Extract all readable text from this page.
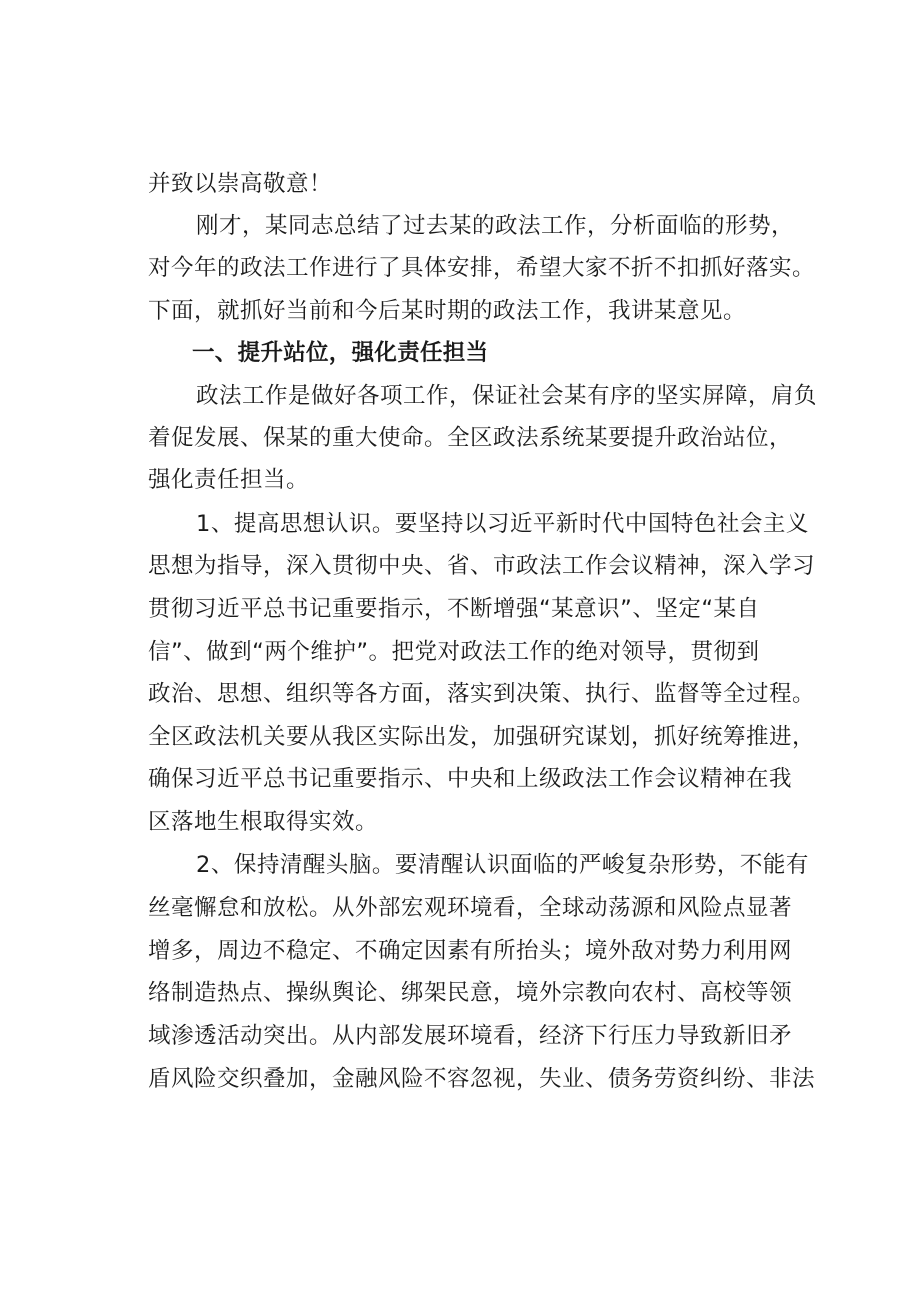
并致以崇高敬意！
刚才，某同志总结了过去某的政法工作，分析面临的形势，
对今年的政法工作进行了具体安排，希望大家不折不扣抓好落实。
下面，就抓好当前和今后某时期的政法工作，我讲某意见。
一、提升站位，强化责任担当
政法工作是做好各项工作，保证社会某有序的坚实屏障，肩负
着促发展、保某的重大使命。全区政法系统某要提升政治站位，
强化责任担当。
1、提高思想认识。要坚持以习近平新时代中国特色社会主义
思想为指导，深入贯彻中央、省、市政法工作会议精神，深入学习
贯彻习近平总书记重要指示，不断增强“某意识”、坚定“某自
信”、做到“两个维护”。把党对政法工作的绝对领导，贯彻到
政治、思想、组织等各方面，落实到决策、执行、监督等全过程。
全区政法机关要从我区实际出发，加强研究谋划，抓好统筹推进，
确保习近平总书记重要指示、中央和上级政法工作会议精神在我
区落地生根取得实效。
2、保持清醒头脑。要清醒认识面临的严峻复杂形势，不能有
丝毫懈怠和放松。从外部宏观环境看，全球动荡源和风险点显著
增多，周边不稳定、不确定因素有所抬头；境外敌对势力利用网
络制造热点、操纵舆论、绑架民意，境外宗教向农村、高校等领
域渗透活动突出。从内部发展环境看，经济下行压力导致新旧矛
盾风险交织叠加，金融风险不容忽视，失业、债务劳资纠纷、非法
